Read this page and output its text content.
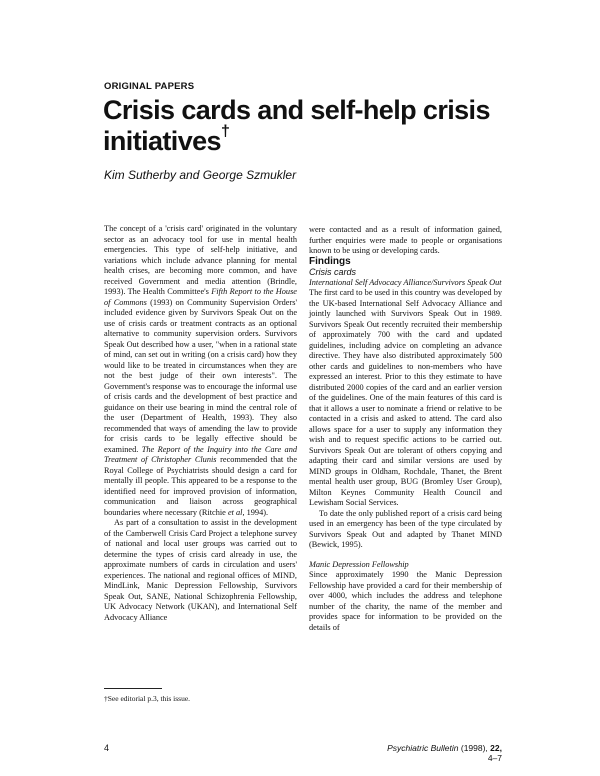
ORIGINAL PAPERS

Crisis cards and self-help crisis initiatives†

Kim Sutherby and George Szmukler

The concept of a 'crisis card' originated in the voluntary sector as an advocacy tool for use in mental health emergencies. This type of self-help initiative, and variations which include advance planning for mental health crises, are becoming more common, and have received Government and media attention (Brindle, 1993). The Health Committee's Fifth Report to the House of Commons (1993) on Community Supervision Orders' included evidence given by Survivors Speak Out on the use of crisis cards or treatment contracts as an optional alternative to community supervision orders. Survivors Speak Out described how a user, "when in a rational state of mind, can set out in writing (on a crisis card) how they would like to be treated in circumstances when they are not the best judge of their own interests". The Government's response was to encourage the informal use of crisis cards and the development of best practice and guidance on their use bearing in mind the central role of the user (Department of Health, 1993). They also recommended that ways of amending the law to provide for crisis cards to be legally effective should be examined. The Report of the Inquiry into the Care and Treatment of Christopher Clunis recommended that the Royal College of Psychiatrists should design a card for mentally ill people. This appeared to be a response to the identified need for improved provision of information, communication and liaison across geographical boundaries where necessary (Ritchie et al, 1994).

As part of a consultation to assist in the development of the Camberwell Crisis Card Project a telephone survey of national and local user groups was carried out to determine the types of crisis card already in use, the approximate numbers of cards in circulation and users' experiences. The national and regional offices of MIND, MindLink, Manic Depression Fellowship, Survivors Speak Out, SANE, National Schizophrenia Fellowship, UK Advocacy Network (UKAN), and International Self Advocacy Alliance

were contacted and as a result of information gained, further enquiries were made to people or organisations known to be using or developing cards.

Findings

Crisis cards

International Self Advocacy Alliance/Survivors Speak Out

The first card to be used in this country was developed by the UK-based International Self Advocacy Alliance and jointly launched with Survivors Speak Out in 1989. Survivors Speak Out recently recruited their membership of approximately 700 with the card and updated guidelines, including advice on completing an advance directive. They have also distributed approximately 500 other cards and guidelines to non-members who have expressed an interest. Prior to this they estimate to have distributed 2000 copies of the card and an earlier version of the guidelines. One of the main features of this card is that it allows a user to nominate a friend or relative to be contacted in a crisis and asked to attend. The card also allows space for a user to supply any information they wish and to request specific actions to be carried out. Survivors Speak Out are tolerant of others copying and adapting their card and similar versions are used by MIND groups in Oldham, Rochdale, Thanet, the Brent mental health user group, BUG (Bromley User Group), Milton Keynes Community Health Council and Lewisham Social Services.

To date the only published report of a crisis card being used in an emergency has been of the type circulated by Survivors Speak Out and adapted by Thanet MIND (Bewick, 1995).

Manic Depression Fellowship

Since approximately 1990 the Manic Depression Fellowship have provided a card for their membership of over 4000, which includes the address and telephone number of the charity, the name of the member and provides space for information to be provided on the details of

†See editorial p.3, this issue.

4	Psychiatric Bulletin (1998), 22, 4–7
